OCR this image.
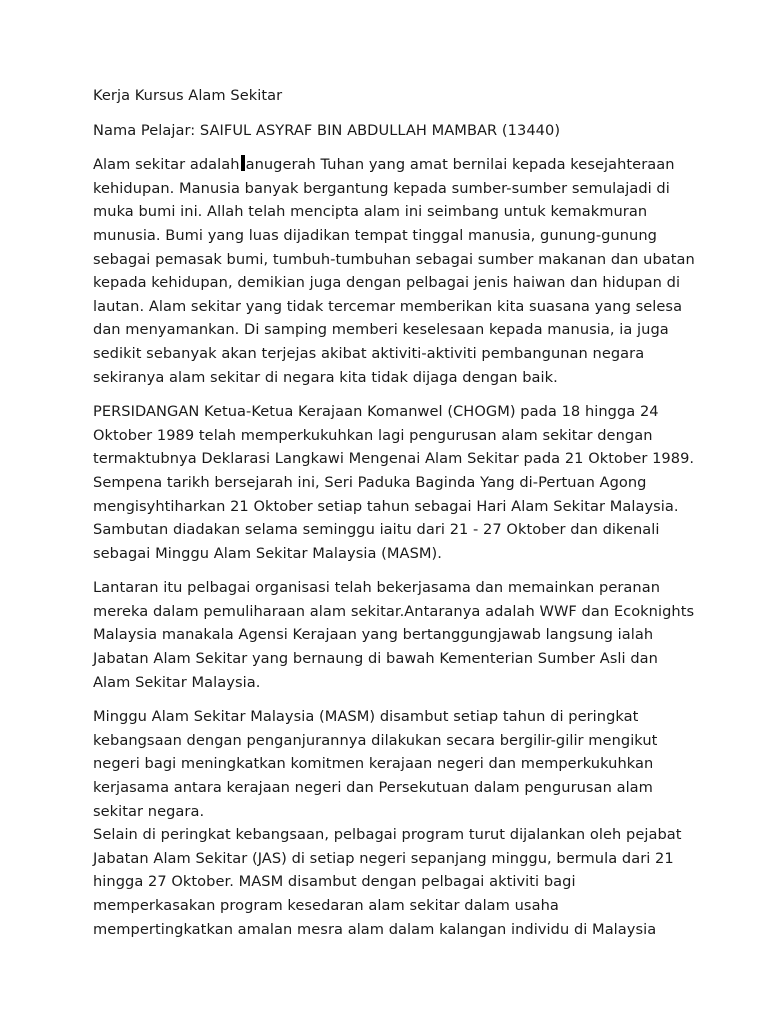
Kerja Kursus Alam Sekitar

Nama Pelajar: SAIFUL ASYRAF BIN ABDULLAH MAMBAR (13440)

Alam sekitar adalah anugerah Tuhan yang amat bernilai kepada kesejahteraan
kehidupan. Manusia banyak bergantung kepada sumber-sumber semulajadi di
muka bumi ini. Allah telah mencipta alam ini seimbang untuk kemakmuran
munusia. Bumi yang luas dijadikan tempat tinggal manusia, gunung-gunung
sebagai pemasak bumi, tumbuh-tumbuhan sebagai sumber makanan dan ubatan
kepada kehidupan, demikian juga dengan pelbagai jenis haiwan dan hidupan di
lautan. Alam sekitar yang tidak tercemar memberikan kita suasana yang selesa
dan menyamankan. Di samping memberi keselesaan kepada manusia, ia juga
sedikit sebanyak akan terjejas akibat aktiviti-aktiviti pembangunan negara
sekiranya alam sekitar di negara kita tidak dijaga dengan baik.

PERSIDANGAN Ketua-Ketua Kerajaan Komanwel (CHOGM) pada 18 hingga 24
Oktober 1989 telah memperkukuhkan lagi pengurusan alam sekitar dengan
termaktubnya Deklarasi Langkawi Mengenai Alam Sekitar pada 21 Oktober 1989.
Sempena tarikh bersejarah ini, Seri Paduka Baginda Yang di-Pertuan Agong
mengisyhtiharkan 21 Oktober setiap tahun sebagai Hari Alam Sekitar Malaysia.
Sambutan diadakan selama seminggu iaitu dari 21 - 27 Oktober dan dikenali
sebagai Minggu Alam Sekitar Malaysia (MASM).

Lantaran itu pelbagai organisasi telah bekerjasama dan memainkan peranan
mereka dalam pemuliharaan alam sekitar.Antaranya adalah WWF dan Ecoknights
Malaysia manakala Agensi Kerajaan yang bertanggungjawab langsung ialah
Jabatan Alam Sekitar yang bernaung di bawah Kementerian Sumber Asli dan
Alam Sekitar Malaysia.

Minggu Alam Sekitar Malaysia (MASM) disambut setiap tahun di peringkat
kebangsaan dengan penganjurannya dilakukan secara bergilir-gilir mengikut
negeri bagi meningkatkan komitmen kerajaan negeri dan memperkukuhkan
kerjasama antara kerajaan negeri dan Persekutuan dalam pengurusan alam
sekitar negara.

Selain di peringkat kebangsaan, pelbagai program turut dijalankan oleh pejabat
Jabatan Alam Sekitar (JAS) di setiap negeri sepanjang minggu, bermula dari 21
hingga 27 Oktober. MASM disambut dengan pelbagai aktiviti bagi
memperkasakan program kesedaran alam sekitar dalam usaha
mempertingkatkan amalan mesra alam dalam kalangan individu di Malaysia
